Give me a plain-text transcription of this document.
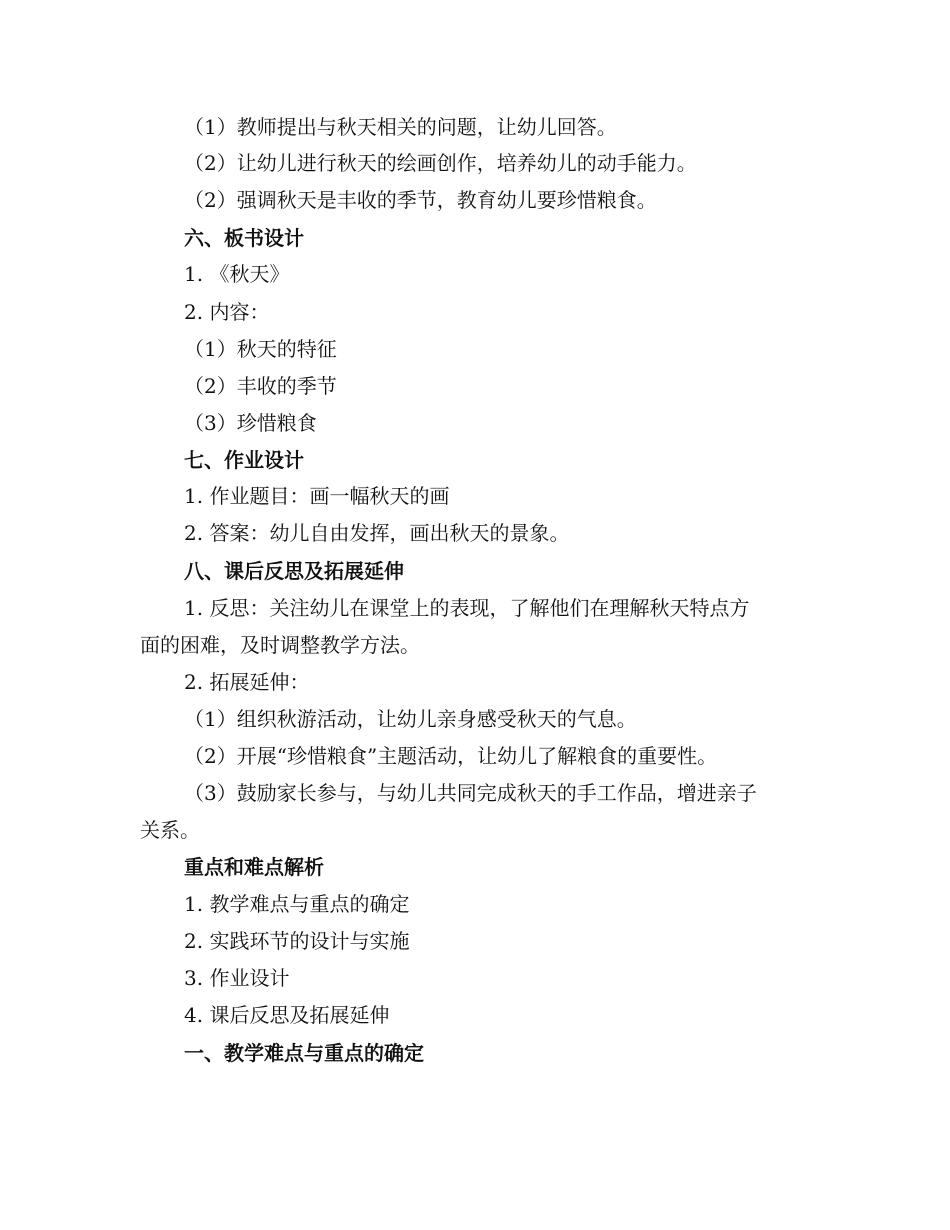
（1）教师提出与秋天相关的问题，让幼儿回答。
（2）让幼儿进行秋天的绘画创作，培养幼儿的动手能力。
（2）强调秋天是丰收的季节，教育幼儿要珍惜粮食。
六、板书设计
1. 《秋天》
2. 内容：
（1）秋天的特征
（2）丰收的季节
（3）珍惜粮食
七、作业设计
1. 作业题目：画一幅秋天的画
2. 答案：幼儿自由发挥，画出秋天的景象。
八、课后反思及拓展延伸
1. 反思：关注幼儿在课堂上的表现，了解他们在理解秋天特点方
面的困难，及时调整教学方法。
2. 拓展延伸：
（1）组织秋游活动，让幼儿亲身感受秋天的气息。
（2）开展“珍惜粮食”主题活动，让幼儿了解粮食的重要性。
（3）鼓励家长参与，与幼儿共同完成秋天的手工作品，增进亲子
关系。
重点和难点解析
1. 教学难点与重点的确定
2. 实践环节的设计与实施
3. 作业设计
4. 课后反思及拓展延伸
一、教学难点与重点的确定
